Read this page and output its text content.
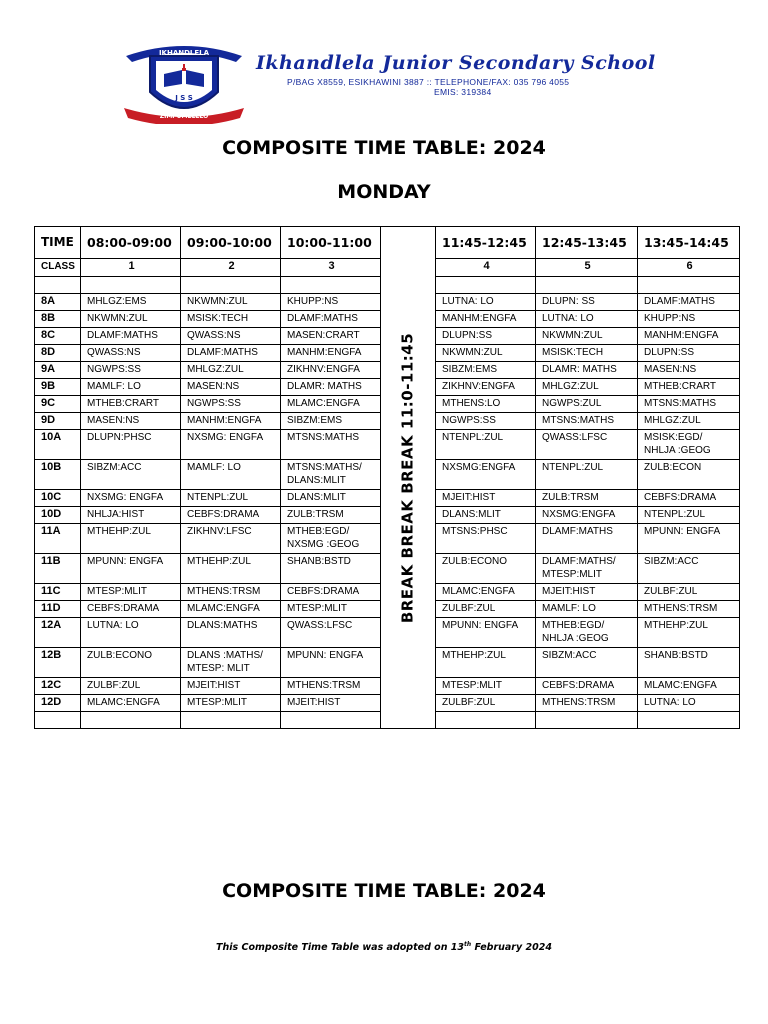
IKHANDLELA
J S S
ZIMPUMELELO
Ikhandlela Junior Secondary School
P/BAG X8559, ESIKHAWINI 3887 :: TELEPHONE/FAX: 035 796 4055
EMIS: 319384
COMPOSITE TIME TABLE: 2024
MONDAY
TIME	08:00-09:00	09:00-10:00	10:00-11:00	BREAK BREAK BREAK 11:0-11:45	11:45-12:45	12:45-13:45	13:45-14:45
CLASS	1	2	3		4	5	6

8A	MHLGZ:EMS	NKWMN:ZUL	KHUPP:NS		LUTNA: LO	DLUPN: SS	DLAMF:MATHS
8B	NKWMN:ZUL	MSISK:TECH	DLAMF:MATHS		MANHM:ENGFA	LUTNA: LO	KHUPP:NS
8C	DLAMF:MATHS	QWASS:NS	MASEN:CRART		DLUPN:SS	NKWMN:ZUL	MANHM:ENGFA
8D	QWASS:NS	DLAMF:MATHS	MANHM:ENGFA		NKWMN:ZUL	MSISK:TECH	DLUPN:SS
9A	NGWPS:SS	MHLGZ:ZUL	ZIKHNV:ENGFA		SIBZM:EMS	DLAMR: MATHS	MASEN:NS
9B	MAMLF: LO	MASEN:NS	DLAMR: MATHS		ZIKHNV:ENGFA	MHLGZ:ZUL	MTHEB:CRART
9C	MTHEB:CRART	NGWPS:SS	MLAMC:ENGFA		MTHENS:LO	NGWPS:ZUL	MTSNS:MATHS
9D	MASEN:NS	MANHM:ENGFA	SIBZM:EMS		NGWPS:SS	MTSNS:MATHS	MHLGZ:ZUL
10A	DLUPN:PHSC	NXSMG: ENGFA	MTSNS:MATHS		NTENPL:ZUL	QWASS:LFSC	MSISK:EGD/ NHLJA :GEOG
10B	SIBZM:ACC	MAMLF: LO	MTSNS:MATHS/ DLANS:MLIT		NXSMG:ENGFA	NTENPL:ZUL	ZULB:ECON
10C	NXSMG: ENGFA	NTENPL:ZUL	DLANS:MLIT		MJEIT:HIST	ZULB:TRSM	CEBFS:DRAMA
10D	NHLJA:HIST	CEBFS:DRAMA	ZULB:TRSM		DLANS:MLIT	NXSMG:ENGFA	NTENPL:ZUL
11A	MTHEHP:ZUL	ZIKHNV:LFSC	MTHEB:EGD/ NXSMG :GEOG		MTSNS:PHSC	DLAMF:MATHS	MPUNN: ENGFA
11B	MPUNN: ENGFA	MTHEHP:ZUL	SHANB:BSTD		ZULB:ECONO	DLAMF:MATHS/ MTESP:MLIT	SIBZM:ACC
11C	MTESP:MLIT	MTHENS:TRSM	CEBFS:DRAMA		MLAMC:ENGFA	MJEIT:HIST	ZULBF:ZUL
11D	CEBFS:DRAMA	MLAMC:ENGFA	MTESP:MLIT		ZULBF:ZUL	MAMLF: LO	MTHENS:TRSM
12A	LUTNA: LO	DLANS:MATHS	QWASS:LFSC		MPUNN: ENGFA	MTHEB:EGD/ NHLJA :GEOG	MTHEHP:ZUL
12B	ZULB:ECONO	DLANS :MATHS/ MTESP: MLIT	MPUNN: ENGFA		MTHEHP:ZUL	SIBZM:ACC	SHANB:BSTD
12C	ZULBF:ZUL	MJEIT:HIST	MTHENS:TRSM		MTESP:MLIT	CEBFS:DRAMA	MLAMC:ENGFA
12D	MLAMC:ENGFA	MTESP:MLIT	MJEIT:HIST		ZULBF:ZUL	MTHENS:TRSM	LUTNA: LO

COMPOSITE TIME TABLE: 2024
This Composite Time Table was adopted on 13th February 2024
